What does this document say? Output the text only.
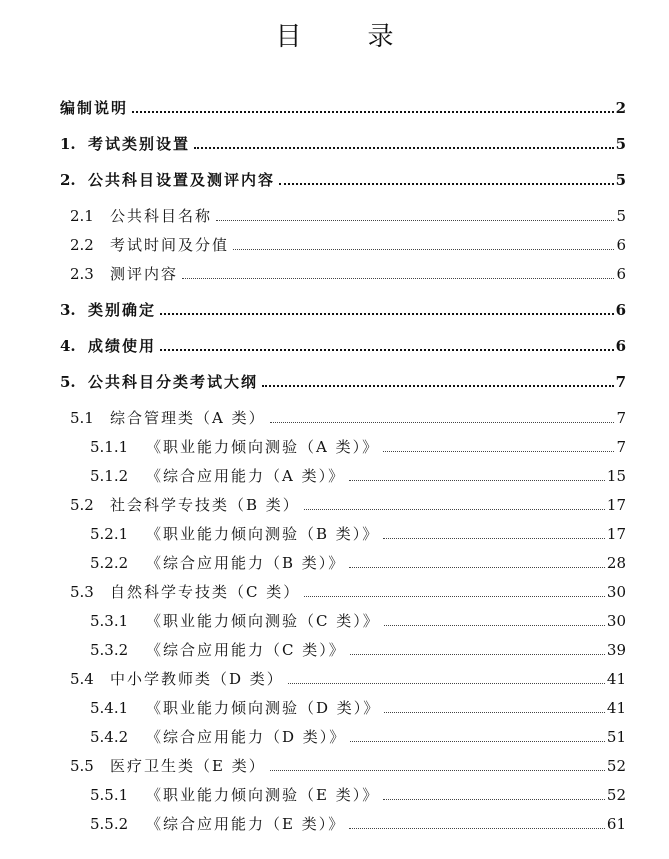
目	录
编制说明	2
1. 考试类别设置	5
2. 公共科目设置及测评内容	5
2.1	公共科目名称	5
2.2	考试时间及分值	6
2.3	测评内容	6
3. 类别确定	6
4. 成绩使用	6
5. 公共科目分类考试大纲	7
5.1	综合管理类（A 类）	7
5.1.1	《职业能力倾向测验（A 类）》	7
5.1.2	《综合应用能力（A 类）》	15
5.2	社会科学专技类（B 类）	17
5.2.1	《职业能力倾向测验（B 类）》	17
5.2.2	《综合应用能力（B 类）》	28
5.3	自然科学专技类（C 类）	30
5.3.1	《职业能力倾向测验（C 类）》	30
5.3.2	《综合应用能力（C 类）》	39
5.4	中小学教师类（D 类）	41
5.4.1	《职业能力倾向测验（D 类）》	41
5.4.2	《综合应用能力（D 类）》	51
5.5	医疗卫生类（E 类）	52
5.5.1	《职业能力倾向测验（E 类）》	52
5.5.2	《综合应用能力（E 类）》	61
